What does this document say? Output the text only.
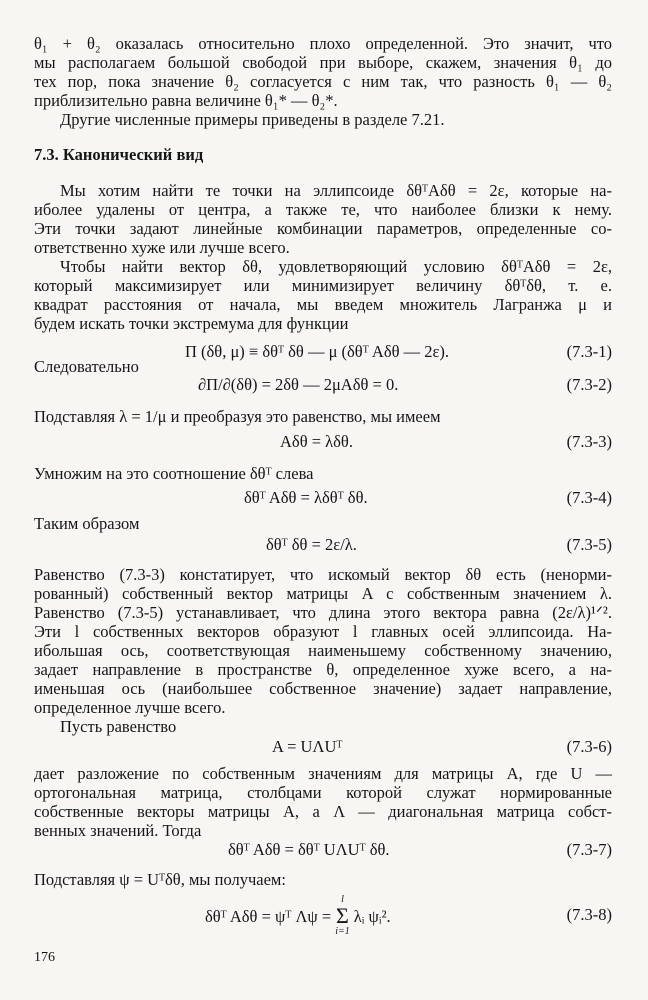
θ₁ + θ₂ оказалась относительно плохо определенной. Это значит, что
мы располагаем большой свободой при выборе, скажем, значения θ₁ до
тех пор, пока значение θ₂ согласуется с ним так, что разность θ₁ — θ₂
приблизительно равна величине θ₁* — θ₂*.
Другие численные примеры приведены в разделе 7.21.
7.3. Канонический вид
Мы хотим найти те точки на эллипсоиде δθᵀAδθ = 2ε, которые на-
иболее удалены от центра, а также те, что наиболее близки к нему.
Эти точки задают линейные комбинации параметров, определенные со-
ответственно хуже или лучше всего.
Чтобы найти вектор δθ, удовлетворяющий условию δθᵀAδθ = 2ε,
который максимизирует или минимизирует величину δθᵀδθ, т. е.
квадрат расстояния от начала, мы введем множитель Лагранжа μ и
будем искать точки экстремума для функции
Π (δθ, μ) ≡ δθᵀ δθ — μ (δθᵀ Aδθ — 2ε).	(7.3-1)
Следовательно
∂Π/∂(δθ) = 2δθ — 2μAδθ = 0.	(7.3-2)
Подставляя λ = 1/μ и преобразуя это равенство, мы имеем
Aδθ = λδθ.	(7.3-3)
Умножим на это соотношение δθᵀ слева
δθᵀ Aδθ = λδθᵀ δθ.	(7.3-4)
Таким образом
δθᵀ δθ = 2ε/λ.	(7.3-5)
Равенство (7.3-3) констатирует, что искомый вектор δθ есть (ненорми-
рованный) собственный вектор матрицы A с собственным значением λ.
Равенство (7.3-5) устанавливает, что длина этого вектора равна (2ε/λ)¹ᐟ².
Эти l собственных векторов образуют l главных осей эллипсоида. На-
ибольшая ось, соответствующая наименьшему собственному значению,
задает направление в пространстве θ, определенное хуже всего, а на-
именьшая ось (наибольшее собственное значение) задает направление,
определенное лучше всего.
Пусть равенство
A = UΛUᵀ	(7.3-6)
дает разложение по собственным значениям для матрицы A, где U —
ортогональная матрица, столбцами которой служат нормированные
собственные векторы матрицы A, а Λ — диагональная матрица собст-
венных значений. Тогда
δθᵀ Aδθ = δθᵀ UΛUᵀ δθ.	(7.3-7)
Подставляя ψ = Uᵀδθ, мы получаем:
δθᵀ Aδθ = ψᵀ Λψ =
l
Σ
i=1
λᵢ ψᵢ².	(7.3-8)
176
